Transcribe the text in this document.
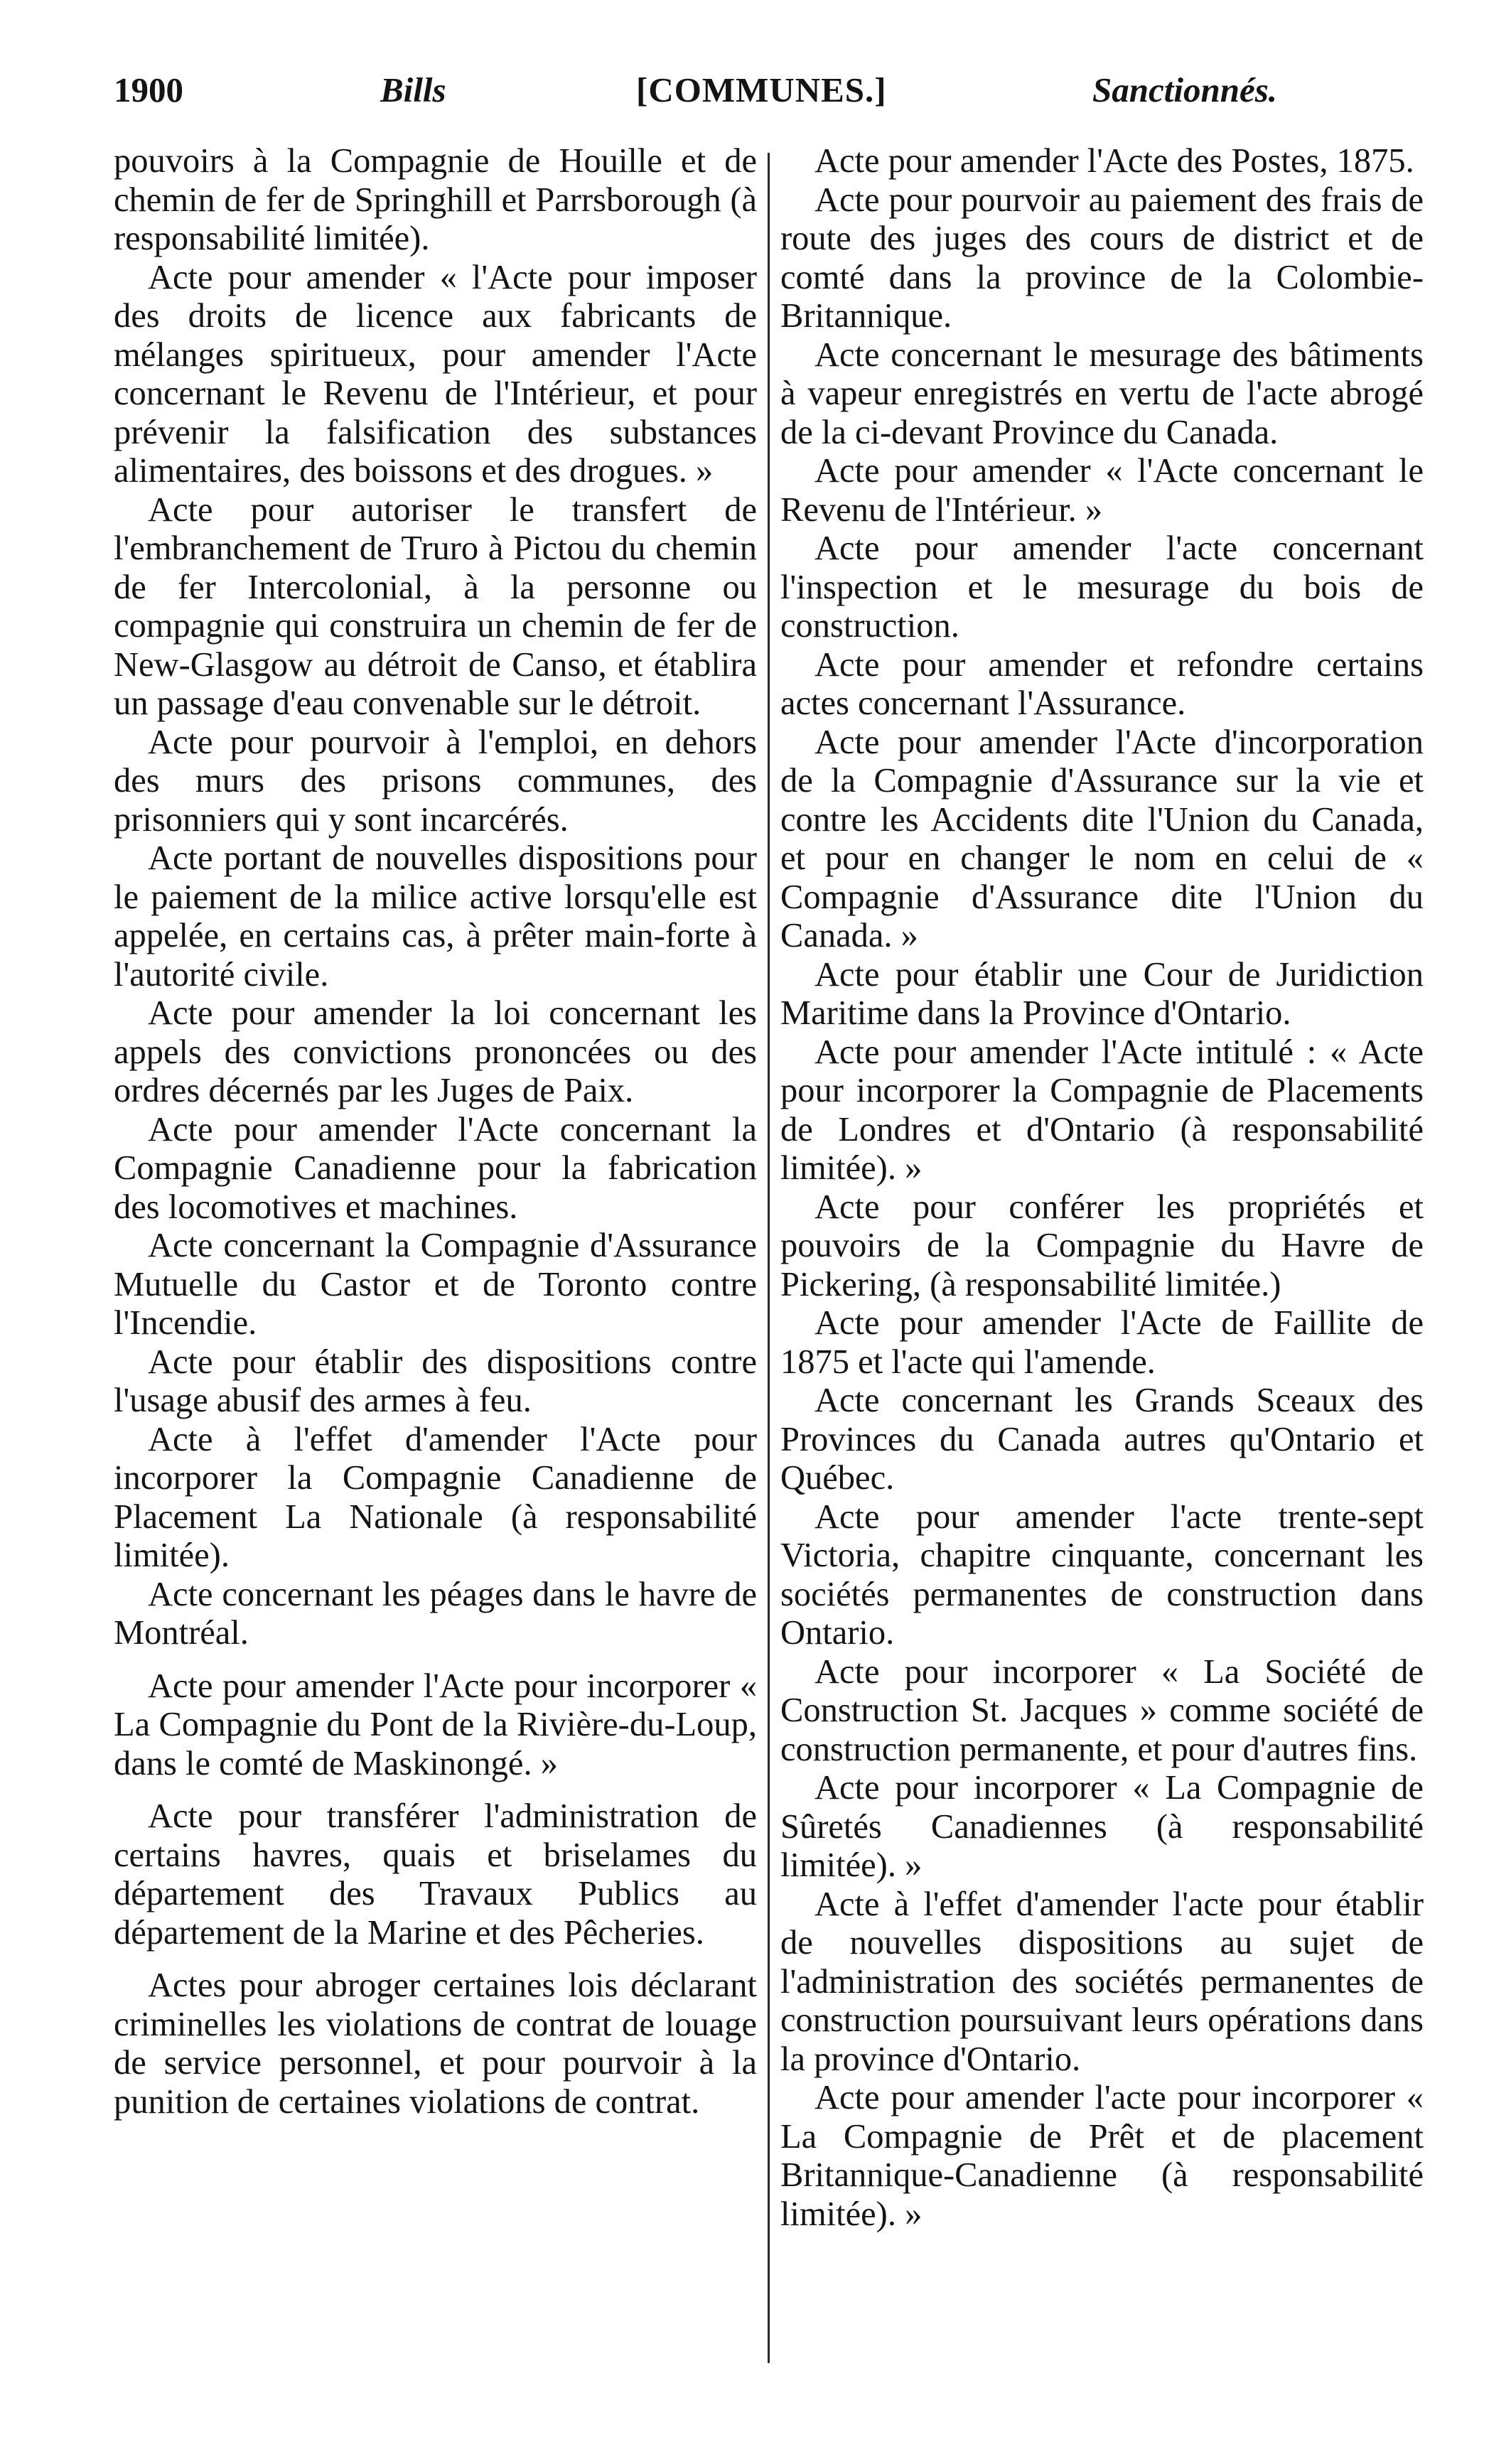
1900	Bills	[COMMUNES.]	Sanctionnés.

pouvoirs à la Compagnie de Houille et de chemin de fer de Springhill et Parrsborough (à responsabilité limitée).

Acte pour amender « l'Acte pour imposer des droits de licence aux fabricants de mélanges spiritueux, pour amender l'Acte concernant le Revenu de l'Intérieur, et pour prévenir la falsification des substances alimentaires, des boissons et des drogues. »

Acte pour autoriser le transfert de l'embranchement de Truro à Pictou du chemin de fer Intercolonial, à la personne ou compagnie qui construira un chemin de fer de New-Glasgow au détroit de Canso, et établira un passage d'eau convenable sur le détroit.

Acte pour pourvoir à l'emploi, en dehors des murs des prisons communes, des prisonniers qui y sont incarcérés.

Acte portant de nouvelles dispositions pour le paiement de la milice active lorsqu'elle est appelée, en certains cas, à prêter main-forte à l'autorité civile.

Acte pour amender la loi concernant les appels des convictions prononcées ou des ordres décernés par les Juges de Paix.

Acte pour amender l'Acte concernant la Compagnie Canadienne pour la fabrication des locomotives et machines.

Acte concernant la Compagnie d'Assurance Mutuelle du Castor et de Toronto contre l'Incendie.

Acte pour établir des dispositions contre l'usage abusif des armes à feu.

Acte à l'effet d'amender l'Acte pour incorporer la Compagnie Canadienne de Placement La Nationale (à responsabilité limitée).

Acte concernant les péages dans le havre de Montréal.

Acte pour amender l'Acte pour incorporer « La Compagnie du Pont de la Rivière-du-Loup, dans le comté de Maskinongé. »

Acte pour transférer l'administration de certains havres, quais et briselames du département des Travaux Publics au département de la Marine et des Pêcheries.

Actes pour abroger certaines lois déclarant criminelles les violations de contrat de louage de service personnel, et pour pourvoir à la punition de certaines violations de contrat.

Acte pour amender l'Acte des Postes, 1875.

Acte pour pourvoir au paiement des frais de route des juges des cours de district et de comté dans la province de la Colombie-Britannique.

Acte concernant le mesurage des bâtiments à vapeur enregistrés en vertu de l'acte abrogé de la ci-devant Province du Canada.

Acte pour amender « l'Acte concernant le Revenu de l'Intérieur. »

Acte pour amender l'acte concernant l'inspection et le mesurage du bois de construction.

Acte pour amender et refondre certains actes concernant l'Assurance.

Acte pour amender l'Acte d'incorporation de la Compagnie d'Assurance sur la vie et contre les Accidents dite l'Union du Canada, et pour en changer le nom en celui de « Compagnie d'Assurance dite l'Union du Canada. »

Acte pour établir une Cour de Juridiction Maritime dans la Province d'Ontario.

Acte pour amender l'Acte intitulé : « Acte pour incorporer la Compagnie de Placements de Londres et d'Ontario (à responsabilité limitée). »

Acte pour conférer les propriétés et pouvoirs de la Compagnie du Havre de Pickering, (à responsabilité limitée.)

Acte pour amender l'Acte de Faillite de 1875 et l'acte qui l'amende.

Acte concernant les Grands Sceaux des Provinces du Canada autres qu'Ontario et Québec.

Acte pour amender l'acte trente-sept Victoria, chapitre cinquante, concernant les sociétés permanentes de construction dans Ontario.

Acte pour incorporer « La Société de Construction St. Jacques » comme société de construction permanente, et pour d'autres fins.

Acte pour incorporer « La Compagnie de Sûretés Canadiennes (à responsabilité limitée). »

Acte à l'effet d'amender l'acte pour établir de nouvelles dispositions au sujet de l'administration des sociétés permanentes de construction poursuivant leurs opérations dans la province d'Ontario.

Acte pour amender l'acte pour incorporer « La Compagnie de Prêt et de placement Britannique-Canadienne (à responsabilité limitée). »
